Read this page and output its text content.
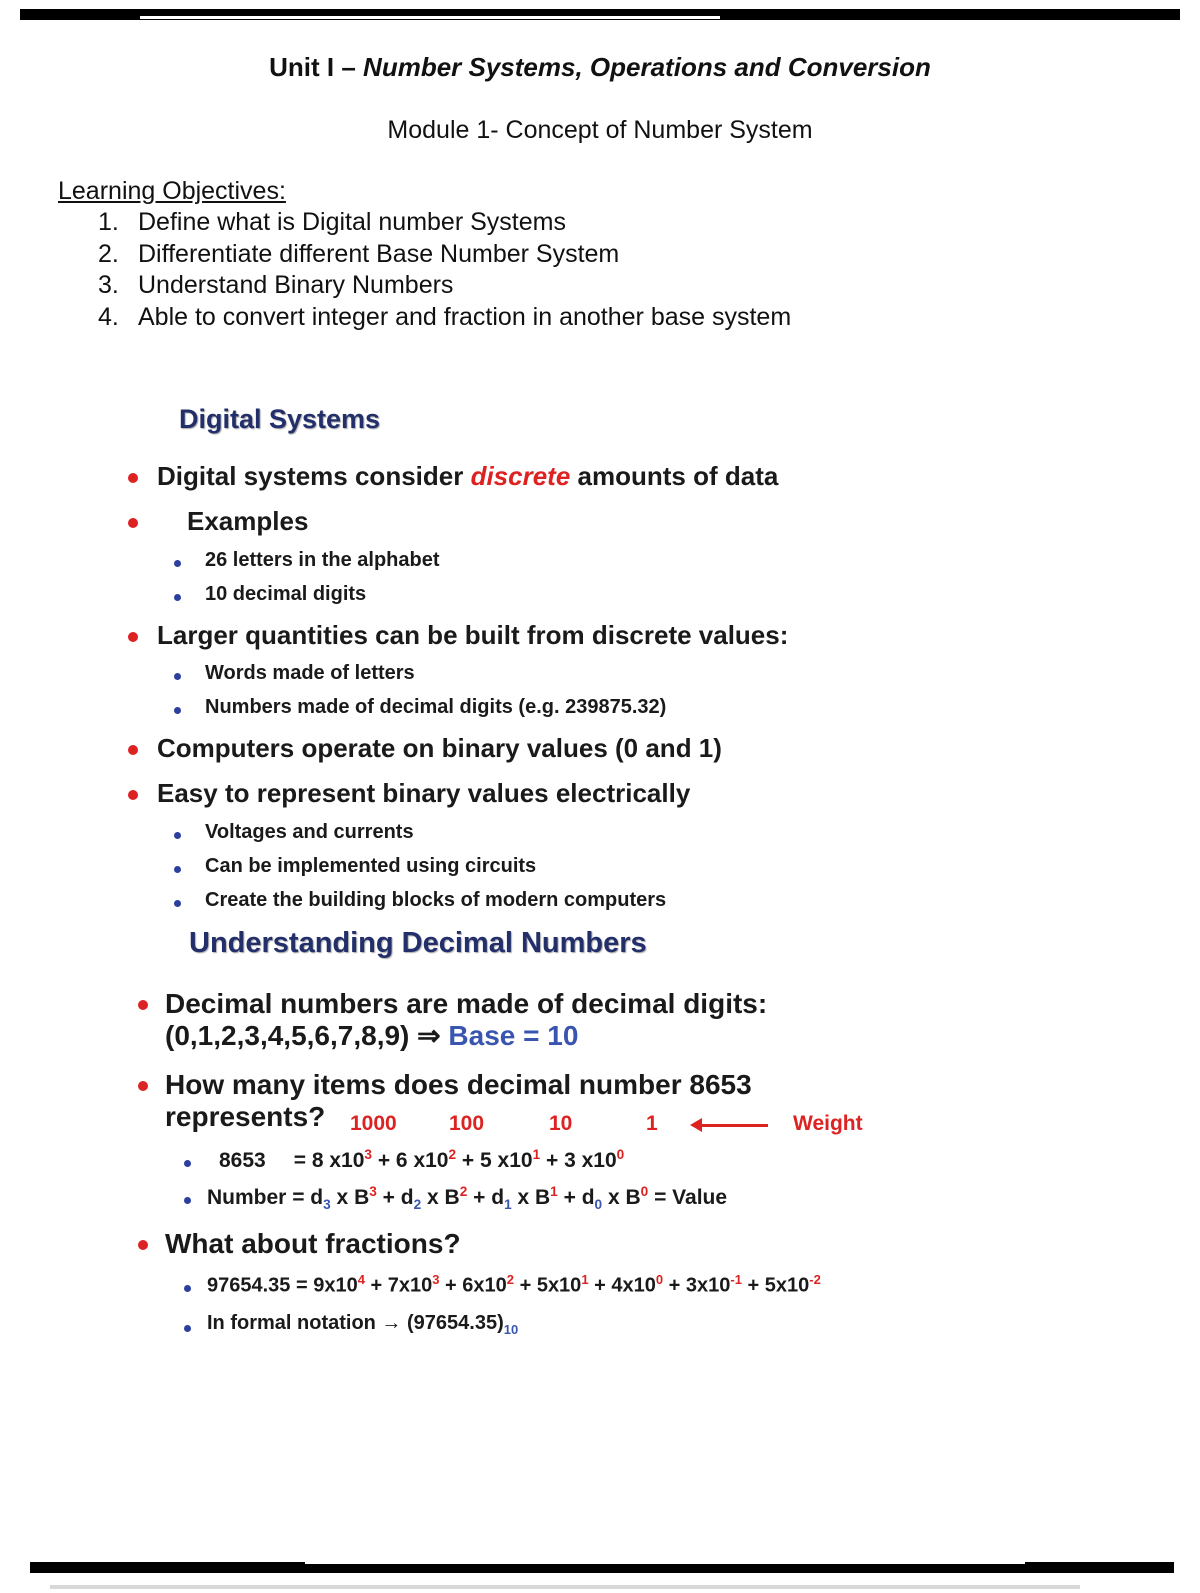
Unit I – Number Systems, Operations and Conversion
Module 1- Concept of Number System
Learning Objectives:
1. Define what is Digital number Systems
2. Differentiate different Base Number System
3. Understand Binary Numbers
4. Able to convert integer and fraction in another base system
Digital Systems
Digital systems consider discrete amounts of data
Examples
26 letters in the alphabet
10 decimal digits
Larger quantities can be built from discrete values:
Words made of letters
Numbers made of decimal digits (e.g. 239875.32)
Computers operate on binary values (0 and 1)
Easy to represent binary values electrically
Voltages and currents
Can be implemented using circuits
Create the building blocks of modern computers
Understanding Decimal Numbers
Decimal numbers are made of decimal digits:
(0,1,2,3,4,5,6,7,8,9) ⇒ Base = 10
How many items does decimal number 8653
represents?	1000 100	10	1	Weight
8653 = 8 $x10^3 + 6$ $x10^2 + 5$ $x10^1 + 3$ $x10^0$
Number = $d_3$ x $B^3 + d_2$ x $B^2 + d_1$ x $B^1 + d_0$ x $B^0$ = Value
What about fractions?
$97654.35 = 9x10^4 + 7x10^3 + 6x10^2 + 5x10^1 + 4x10^0 + 3x10^{-1} + 5x10^{-2}$
In formal notation → $(97654.35)_{10}$
